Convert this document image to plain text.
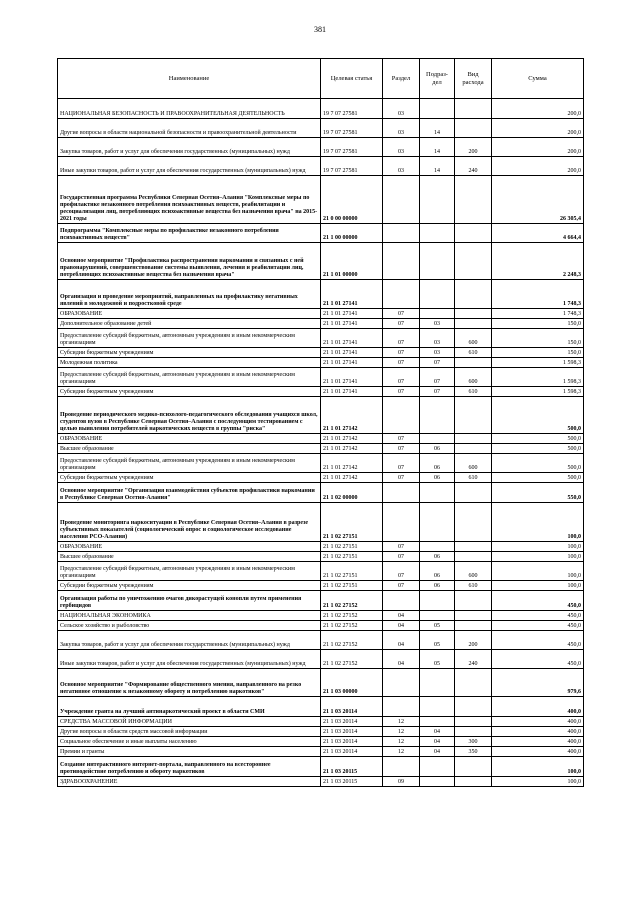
381
Наименование	Целевая статья	Раздел	Подраз-дел	Вид расхода	Сумма
НАЦИОНАЛЬНАЯ БЕЗОПАСНОСТЬ И ПРАВООХРАНИТЕЛЬНАЯ ДЕЯТЕЛЬНОСТЬ	19 7 07 27581	03			200,0
Другие вопросы в области национальной безопасности и правоохранительной деятельности	19 7 07 27581	03	14		200,0
Закупка товаров, работ и услуг для обеспечения государственных (муниципальных) нужд	19 7 07 27581	03	14	200	200,0
Иные закупки товаров, работ и услуг для обеспечения государственных (муниципальных) нужд	19 7 07 27581	03	14	240	200,0
Государственная программа Республики Северная Осетия–Алания "Комплексные меры по профилактике незаконного потребления психоактивных веществ, реабилитации и ресоциализации лиц, потребляющих психоактивные вещества без назначения врача" на 2015-2021 годы	21 0 00 00000				26 305,4
Подпрограмма "Комплексные меры по профилактике незаконного потребления психоактивных веществ"	21 1 00 00000				4 664,4
Основное мероприятие "Профилактика распространения наркомании и связанных с ней правонарушений, совершенствование системы выявления, лечения и реабилитации лиц, потребляющих психоактивные вещества без назначения врача"	21 1 01 00000				2 248,3
Организация и проведение мероприятий, направленных на профилактику негативных явлений в молодежной и подростковой среде	21 1 01 27141				1 748,3
ОБРАЗОВАНИЕ	21 1 01 27141	07			1 748,3
Дополнительное образование детей	21 1 01 27141	07	03		150,0
Предоставление субсидий бюджетным, автономным учреждениям и иным некоммерческим организациям	21 1 01 27141	07	03	600	150,0
Субсидии бюджетным учреждениям	21 1 01 27141	07	03	610	150,0
Молодежная политика	21 1 01 27141	07	07		1 598,3
Предоставление субсидий бюджетным, автономным учреждениям и иным некоммерческим организациям	21 1 01 27141	07	07	600	1 598,3
Субсидии бюджетным учреждениям	21 1 01 27141	07	07	610	1 598,3
Проведение периодического медико-психолого-педагогического обследования учащихся школ, студентов вузов в Республике Северная Осетия–Алания с последующим тестированием с целью выявления потребителей наркотических веществ в группы "риска"	21 1 01 27142				500,0
ОБРАЗОВАНИЕ	21 1 01 27142	07			500,0
Высшее образование	21 1 01 27142	07	06		500,0
Предоставление субсидий бюджетным, автономным учреждениям и иным некоммерческим организациям	21 1 01 27142	07	06	600	500,0
Субсидии бюджетным учреждениям	21 1 01 27142	07	06	610	500,0
Основное мероприятие "Организация взаимодействия субъектов профилактики наркомании в Республике Северная Осетия-Алания"	21 1 02 00000				550,0
Проведение мониторинга наркоситуации в Республике Северная Осетия–Алания в разрезе субъективных показателей (социологический опрос и социологическое исследование населения РСО-Алания)	21 1 02 27151				100,0
ОБРАЗОВАНИЕ	21 1 02 27151	07			100,0
Высшее образование	21 1 02 27151	07	06		100,0
Предоставление субсидий бюджетным, автономным учреждениям и иным некоммерческим организациям	21 1 02 27151	07	06	600	100,0
Субсидии бюджетным учреждениям	21 1 02 27151	07	06	610	100,0
Организация работы по уничтожению очагов дикорастущей конопли путем применения гербицидов	21 1 02 27152				450,0
НАЦИОНАЛЬНАЯ ЭКОНОМИКА	21 1 02 27152	04			450,0
Сельское хозяйство и рыболовство	21 1 02 27152	04	05		450,0
Закупка товаров, работ и услуг для обеспечения государственных (муниципальных) нужд	21 1 02 27152	04	05	200	450,0
Иные закупки товаров, работ и услуг для обеспечения государственных (муниципальных) нужд	21 1 02 27152	04	05	240	450,0
Основное мероприятие "Формирование общественного мнения, направленного на резко негативное отношение к незаконному обороту и потреблению наркотиков"	21 1 03 00000				979,6
Учреждение гранта на лучший антинаркотический проект в области СМИ	21 1 03 20114				400,0
СРЕДСТВА МАССОВОЙ ИНФОРМАЦИИ	21 1 03 20114	12			400,0
Другие вопросы в области средств массовой информации	21 1 03 20114	12	04		400,0
Социальное обеспечение и иные выплаты населению	21 1 03 20114	12	04	300	400,0
Премии и гранты	21 1 03 20114	12	04	350	400,0
Создание интерактивного интернет-портала, направленного на всестороннее противодействие потреблению и обороту наркотиков	21 1 03 20115				100,0
ЗДРАВООХРАНЕНИЕ	21 1 03 20115	09			100,0
